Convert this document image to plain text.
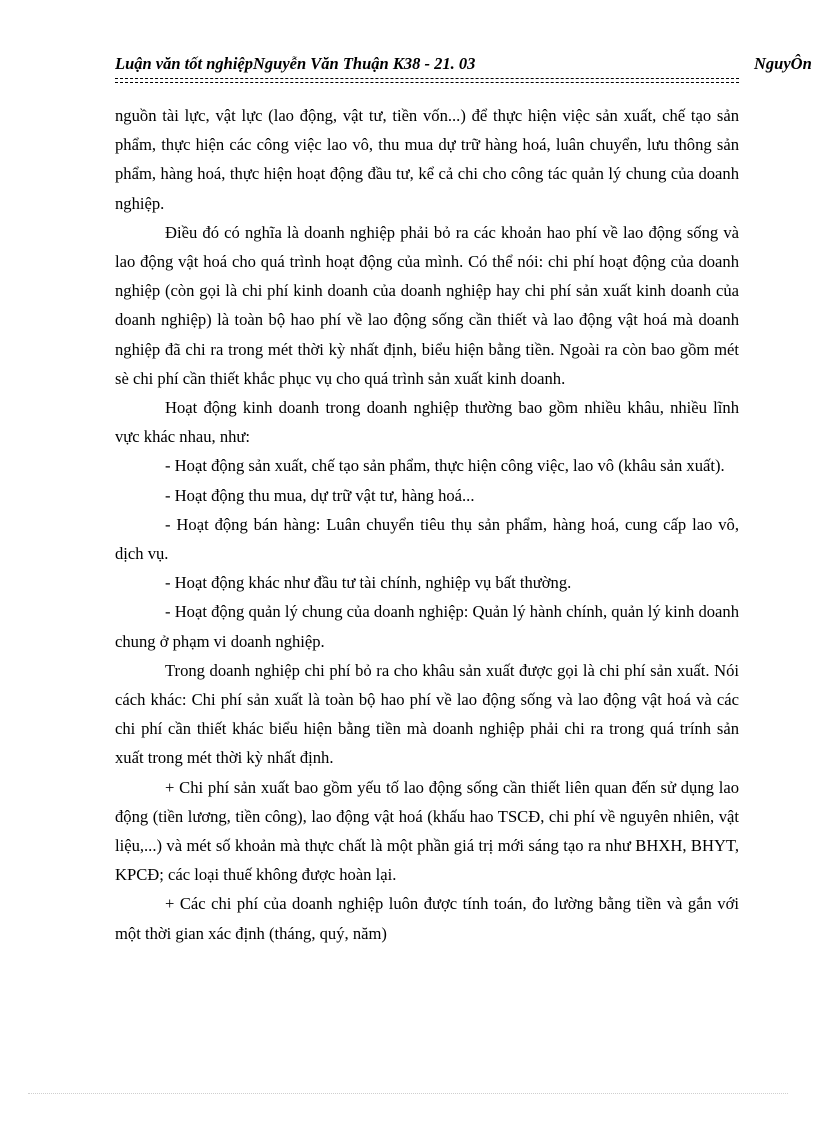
Luận văn tốt nghiệpNguyễn Văn Thuận K38 - 21. 03	NguyÔn

nguồn tài lực, vật lực (lao động, vật tư, tiền vốn...) để thực hiện việc sản xuất, chế tạo sản phẩm, thực hiện các công việc lao vô, thu mua dự trữ hàng hoá, luân chuyển, lưu thông sản phẩm, hàng hoá, thực hiện hoạt động đầu tư, kể cả chi cho công tác quản lý chung của doanh nghiệp.

Điều đó có nghĩa là doanh nghiệp phải bỏ ra các khoản hao phí về lao động sống và lao động vật hoá cho quá trình hoạt động của mình. Có thể nói: chi phí hoạt động của doanh nghiệp (còn gọi là chi phí kinh doanh của doanh nghiệp hay chi phí sản xuất kinh doanh của doanh nghiệp) là toàn bộ hao phí về lao động sống cần thiết và lao động vật hoá mà doanh nghiệp đã chi ra trong mét thời kỳ nhất định, biểu hiện bằng tiền. Ngoài ra còn bao gồm mét sè chi phí cần thiết khắc phục vụ cho quá trình sản xuất kinh doanh.

Hoạt động kinh doanh trong doanh nghiệp thường bao gồm nhiều khâu, nhiều lĩnh vực khác nhau, như:

- Hoạt động sản xuất, chế tạo sản phẩm, thực hiện công việc, lao vô (khâu sản xuất).

- Hoạt động thu mua, dự trữ vật tư, hàng hoá...

- Hoạt động bán hàng: Luân chuyển tiêu thụ sản phẩm, hàng hoá, cung cấp lao vô, dịch vụ.

- Hoạt động khác như đầu tư tài chính, nghiệp vụ bất thường.

- Hoạt động quản lý chung của doanh nghiệp: Quản lý hành chính, quản lý kinh doanh chung ở phạm vi doanh nghiệp.

Trong doanh nghiệp chi phí bỏ ra cho khâu sản xuất được gọi là chi phí sản xuất. Nói cách khác: Chi phí sản xuất là toàn bộ hao phí về lao động sống và lao động vật hoá và các chi phí cần thiết khác biểu hiện bằng tiền mà doanh nghiệp phải chi ra trong quá trính sản xuất trong mét thời kỳ nhất định.

+ Chi phí sản xuất bao gồm yếu tố lao động sống cần thiết liên quan đến sử dụng lao động (tiền lương, tiền công), lao động vật hoá (khấu hao TSCĐ, chi phí về nguyên nhiên, vật liệu,...) và mét số khoản mà thực chất là một phần giá trị mới sáng tạo ra như BHXH, BHYT, KPCĐ; các loại thuế không được hoàn lại.

+ Các chi phí của doanh nghiệp luôn được tính toán, đo lường bằng tiền và gắn với một thời gian xác định (tháng, quý, năm)
